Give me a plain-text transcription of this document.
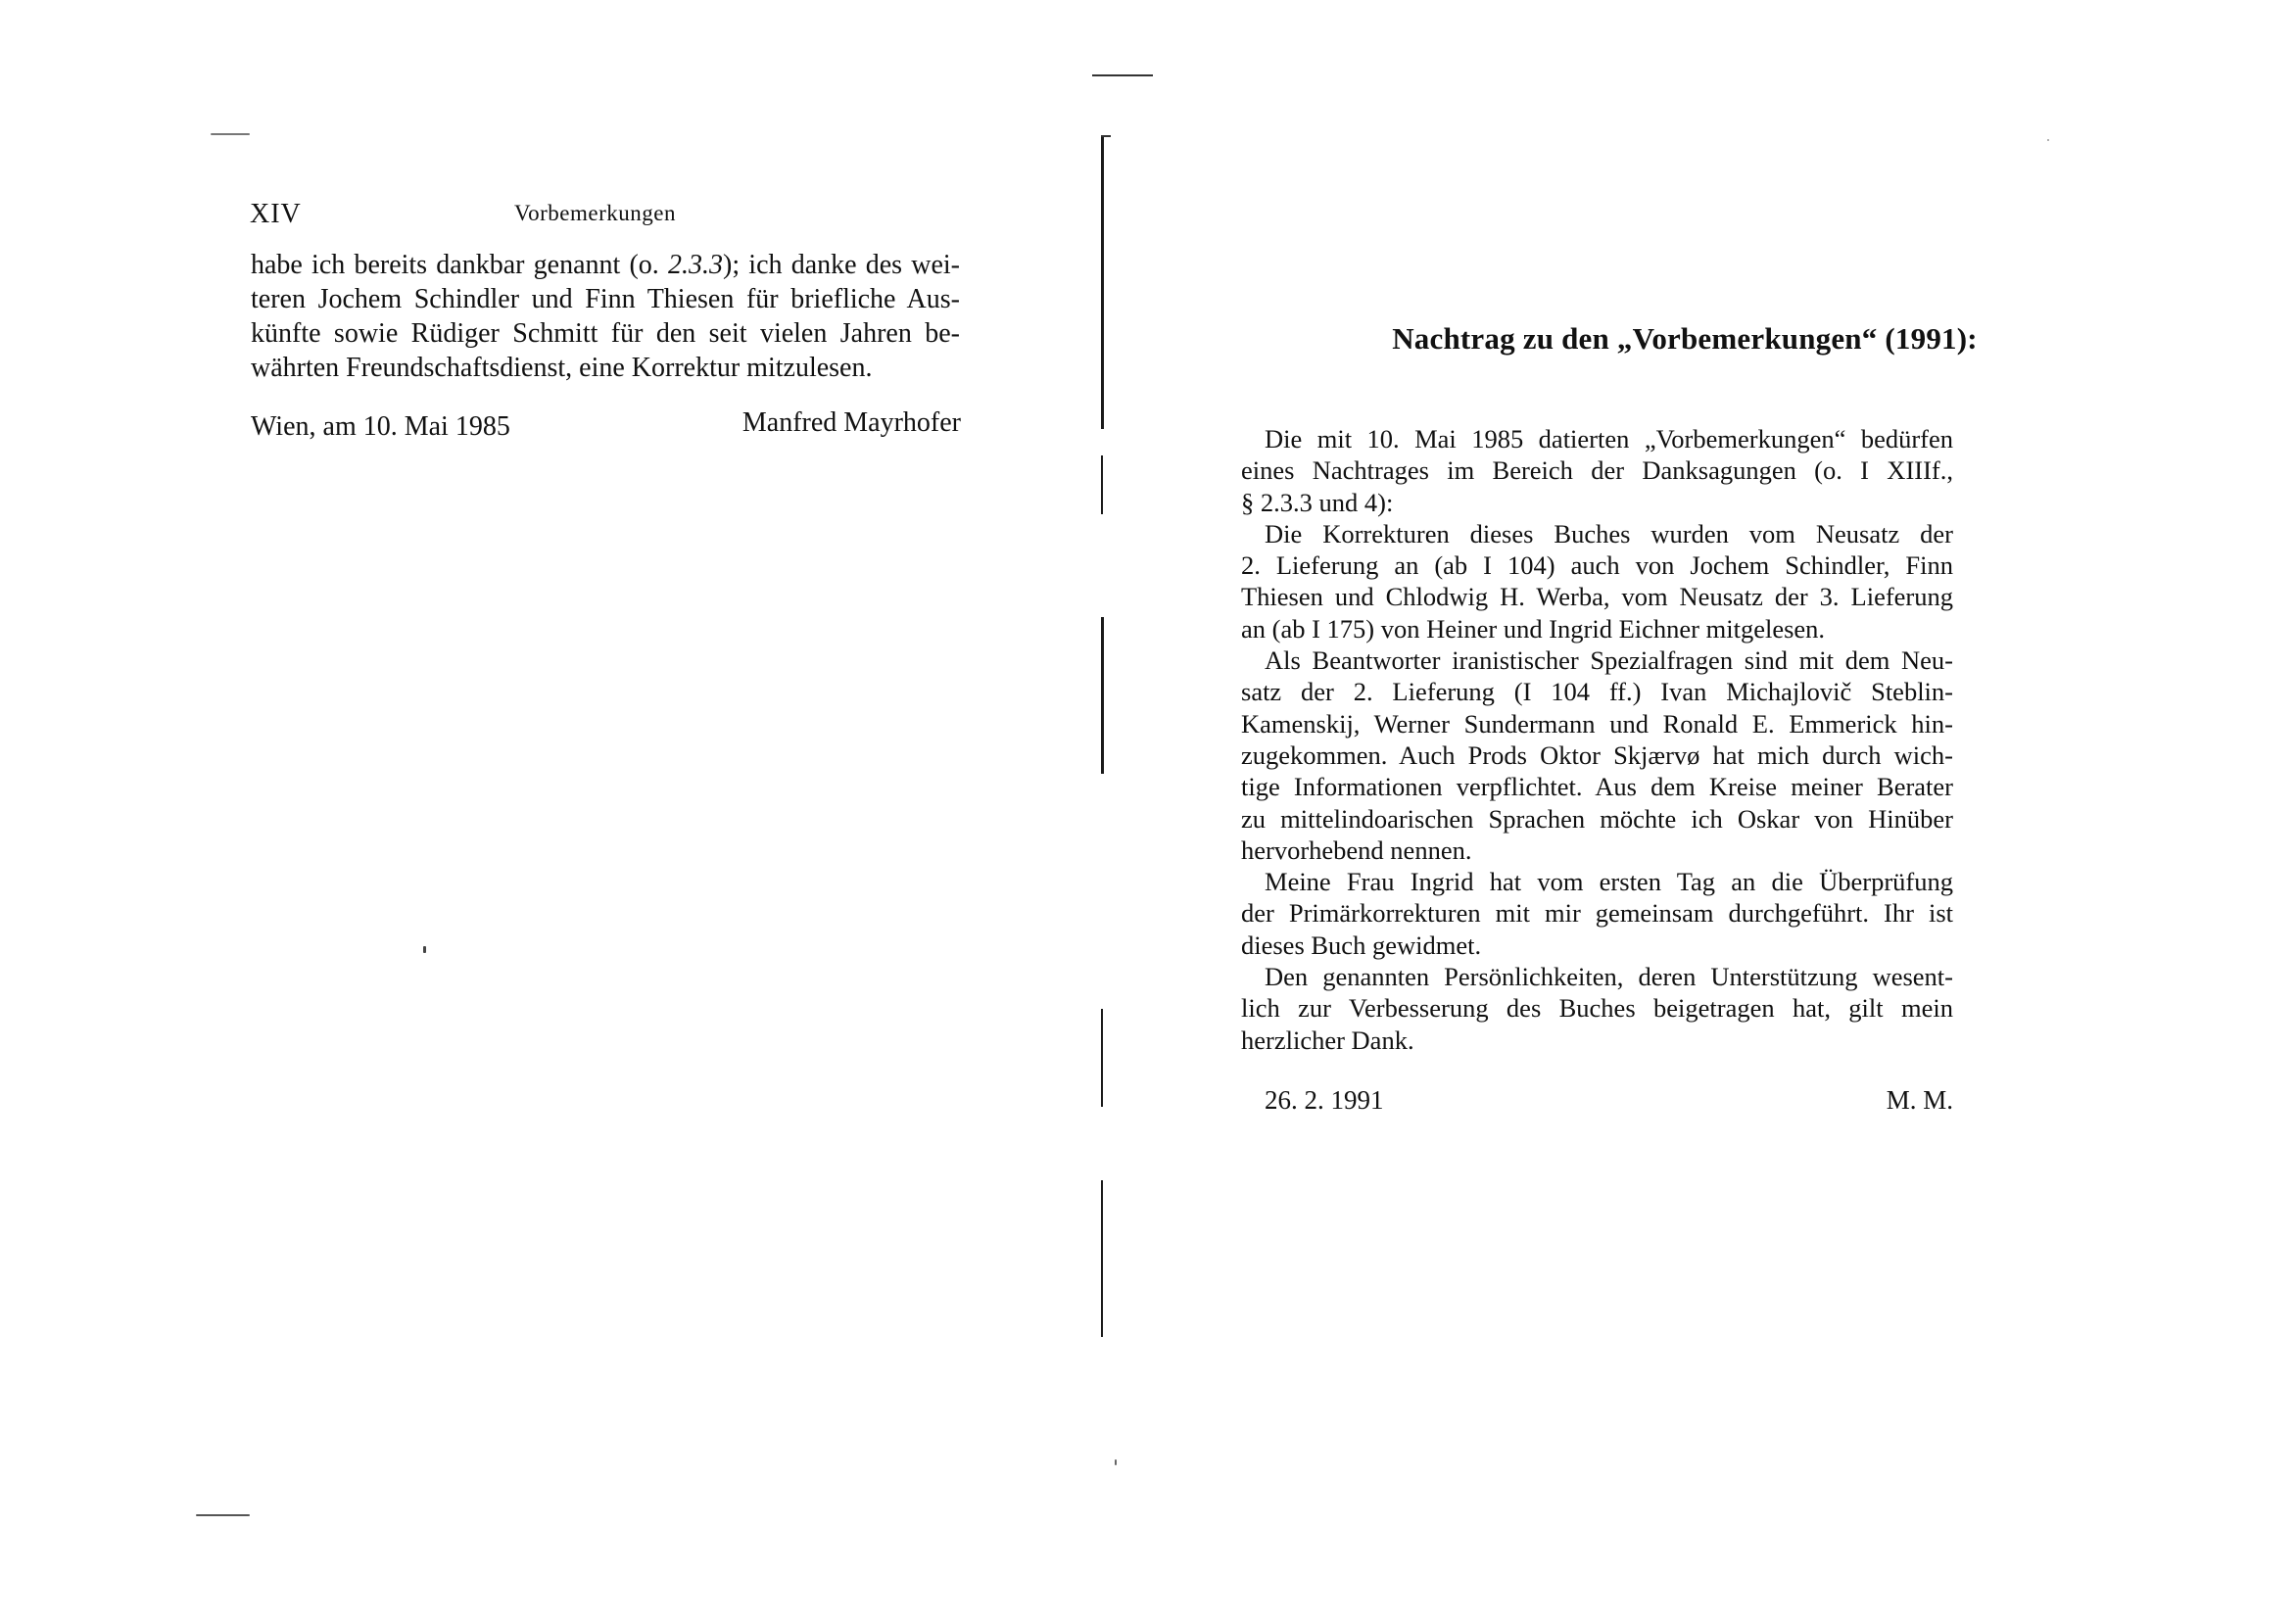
XIV	Vorbemerkungen
habe ich bereits dankbar genannt (o. 2.3.3); ich danke des wei-
teren Jochem Schindler und Finn Thiesen für briefliche Aus-
künfte sowie Rüdiger Schmitt für den seit vielen Jahren be-
währten Freundschaftsdienst, eine Korrektur mitzulesen.
Wien, am 10. Mai 1985	Manfred Mayrhofer
Nachtrag zu den „Vorbemerkungen“ (1991):
Die mit 10. Mai 1985 datierten „Vorbemerkungen“ bedürfen
eines Nachtrages im Bereich der Danksagungen (o. I XIIIf.,
§ 2.3.3 und 4):
Die Korrekturen dieses Buches wurden vom Neusatz der
2. Lieferung an (ab I 104) auch von Jochem Schindler, Finn
Thiesen und Chlodwig H. Werba, vom Neusatz der 3. Lieferung
an (ab I 175) von Heiner und Ingrid Eichner mitgelesen.
Als Beantworter iranistischer Spezialfragen sind mit dem Neu-
satz der 2. Lieferung (I 104 ff.) Ivan Michajlovič Steblin-
Kamenskij, Werner Sundermann und Ronald E. Emmerick hin-
zugekommen. Auch Prods Oktor Skjærvø hat mich durch wich-
tige Informationen verpflichtet. Aus dem Kreise meiner Berater
zu mittelindoarischen Sprachen möchte ich Oskar von Hinüber
hervorhebend nennen.
Meine Frau Ingrid hat vom ersten Tag an die Überprüfung
der Primärkorrekturen mit mir gemeinsam durchgeführt. Ihr ist
dieses Buch gewidmet.
Den genannten Persönlichkeiten, deren Unterstützung wesent-
lich zur Verbesserung des Buches beigetragen hat, gilt mein
herzlicher Dank.
26. 2. 1991	M. M.
